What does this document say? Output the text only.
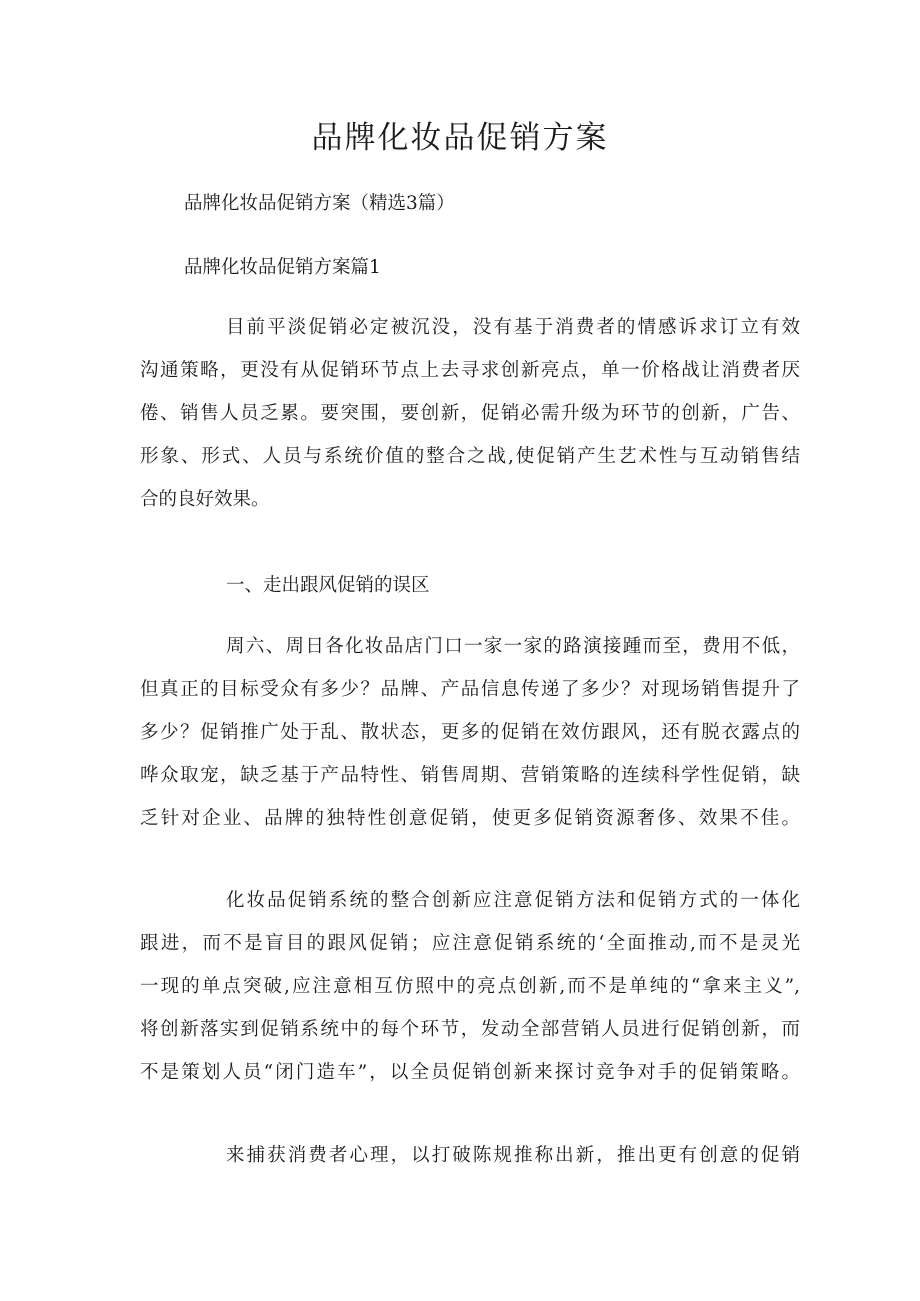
品牌化妆品促销方案

品牌化妆品促销方案（精选3篇）

品牌化妆品促销方案篇1

目前平淡促销必定被沉没，没有基于消费者的情感诉求订立有效
沟通策略，更没有从促销环节点上去寻求创新亮点，单一价格战让消费者厌
倦、销售人员乏累。要突围，要创新，促销必需升级为环节的创新，广告、
形象、形式、人员与系统价值的整合之战,使促销产生艺术性与互动销售结
合的良好效果。

一、走出跟风促销的误区

周六、周日各化妆品店门口一家一家的路演接踵而至，费用不低，
但真正的目标受众有多少？品牌、产品信息传递了多少？对现场销售提升了
多少？促销推广处于乱、散状态，更多的促销在效仿跟风，还有脱衣露点的
哗众取宠，缺乏基于产品特性、销售周期、营销策略的连续科学性促销，缺
乏针对企业、品牌的独特性创意促销，使更多促销资源奢侈、效果不佳。
化妆品促销系统的整合创新应注意促销方法和促销方式的一体化
跟进，而不是盲目的跟风促销；应注意促销系统的‘全面推动,而不是灵光
一现的单点突破,应注意相互仿照中的亮点创新,而不是单纯的“拿来主义”,
将创新落实到促销系统中的每个环节，发动全部营销人员进行促销创新，而
不是策划人员“闭门造车”，以全员促销创新来探讨竞争对手的促销策略。
来捕获消费者心理，以打破陈规推称出新，推出更有创意的促销
